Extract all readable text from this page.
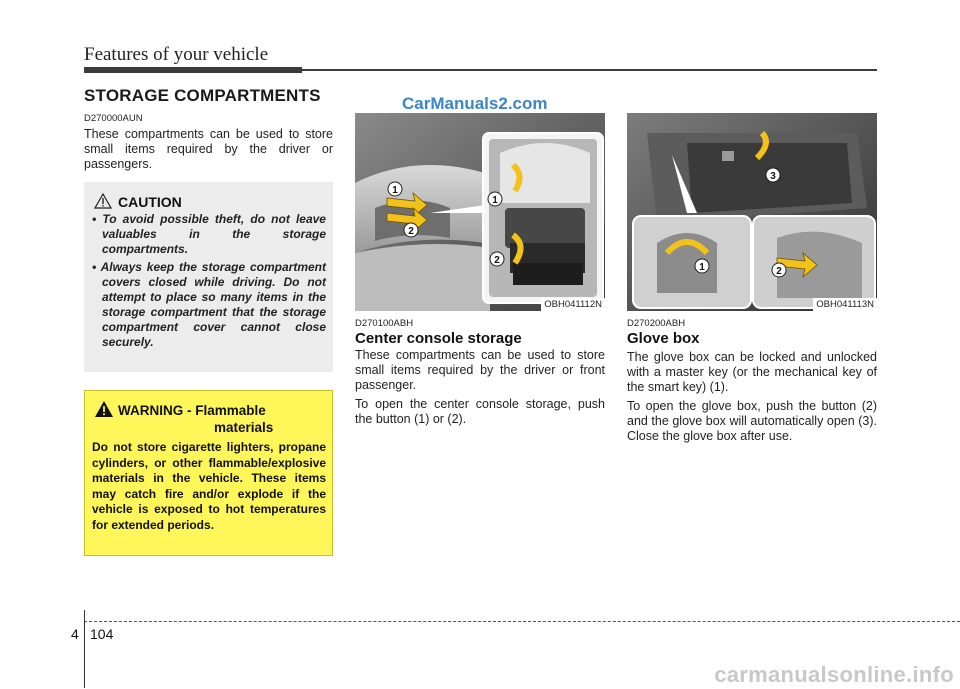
Features of your vehicle
CarManuals2.com
STORAGE COMPARTMENTS
D270000AUN
These compartments can be used to store small items required by the driver or passengers.
CAUTION
• To avoid possible theft, do not leave valuables in the storage compartments.
• Always keep the storage compartment covers closed while driving. Do not attempt to place so many items in the storage compartment that the storage compartment cover cannot close securely.
WARNING - Flammable
materials
Do not store cigarette lighters, propane cylinders, or other flammable/explosive materials in the vehicle. These items may catch fire and/or explode if the vehicle is exposed to hot temperatures for extended periods.
1
2
1
2
OBH041112N
D270100ABH
Center console storage

These compartments can be used to store small items required by the driver or front passenger.

To open the center console storage, push the button (1) or (2).

3
1	2
OBH041113N
D270200ABH
Glove box

The glove box can be locked and unlocked with a master key (or the mechanical key of the smart key) (1).

To open the glove box, push the button (2) and the glove box will automatically open (3). Close the glove box after use.

4 104
carmanualsonline.info
